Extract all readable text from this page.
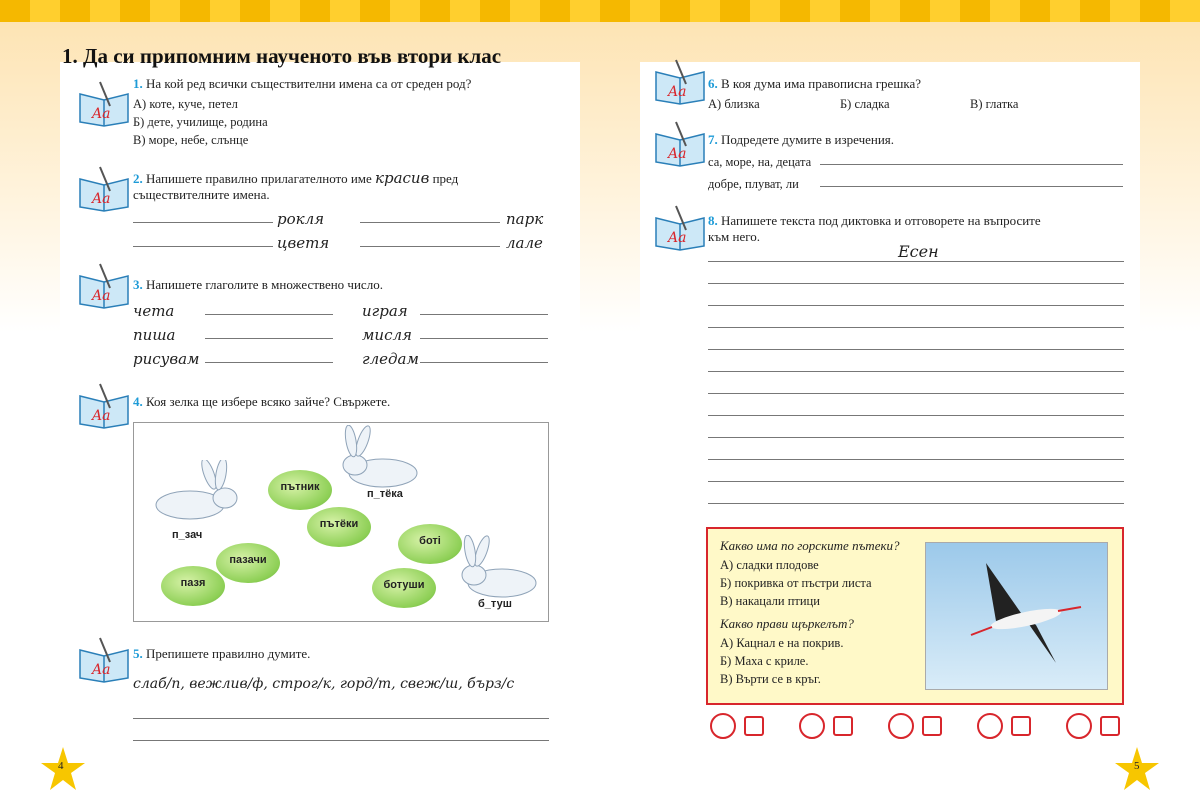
1. Да си припомним наученото във втори клас
Aa
Aa
Aa
Aa
Aa
Aa
Aa
Aa
1. На кой ред всички съществителни имена са от среден род?
А) коте, куче, петел
Б) дете, училище, родина
В) море, небе, слънце
2. Напишете правилно прилагателното име красив пред
съществителните имена.
рокля	парк
цветя	лале
3. Напишете глаголите в множествено число.
чета	играя
пиша	мисля
рисувам	гледам
4. Коя зелка ще избере всяко зайче? Свържете.
п_зач
п_тёка
б_туш
пътник
пътёки
ботi
пазачи
пазя	ботуши
5. Препишете правилно думите.
слаб/п, вежлив/ф, строг/к, горд/т, свеж/ш, бърз/с
6. В коя дума има правописна грешка?
А) близка	Б) сладка	В) глатка
7. Подредете думите в изречения.
са, море, на, децата
добре, плуват, ли
8. Напишете текста под диктовка и отговорете на въпросите
към него.
Есен
Какво има по горските пътеки?
А) сладки плодове
Б) покривка от пъстри листа
В) накацали птици
Какво прави щъркелът?
А) Кацнал е на покрив.
Б) Маха с криле.
В) Върти се в кръг.
4	5
